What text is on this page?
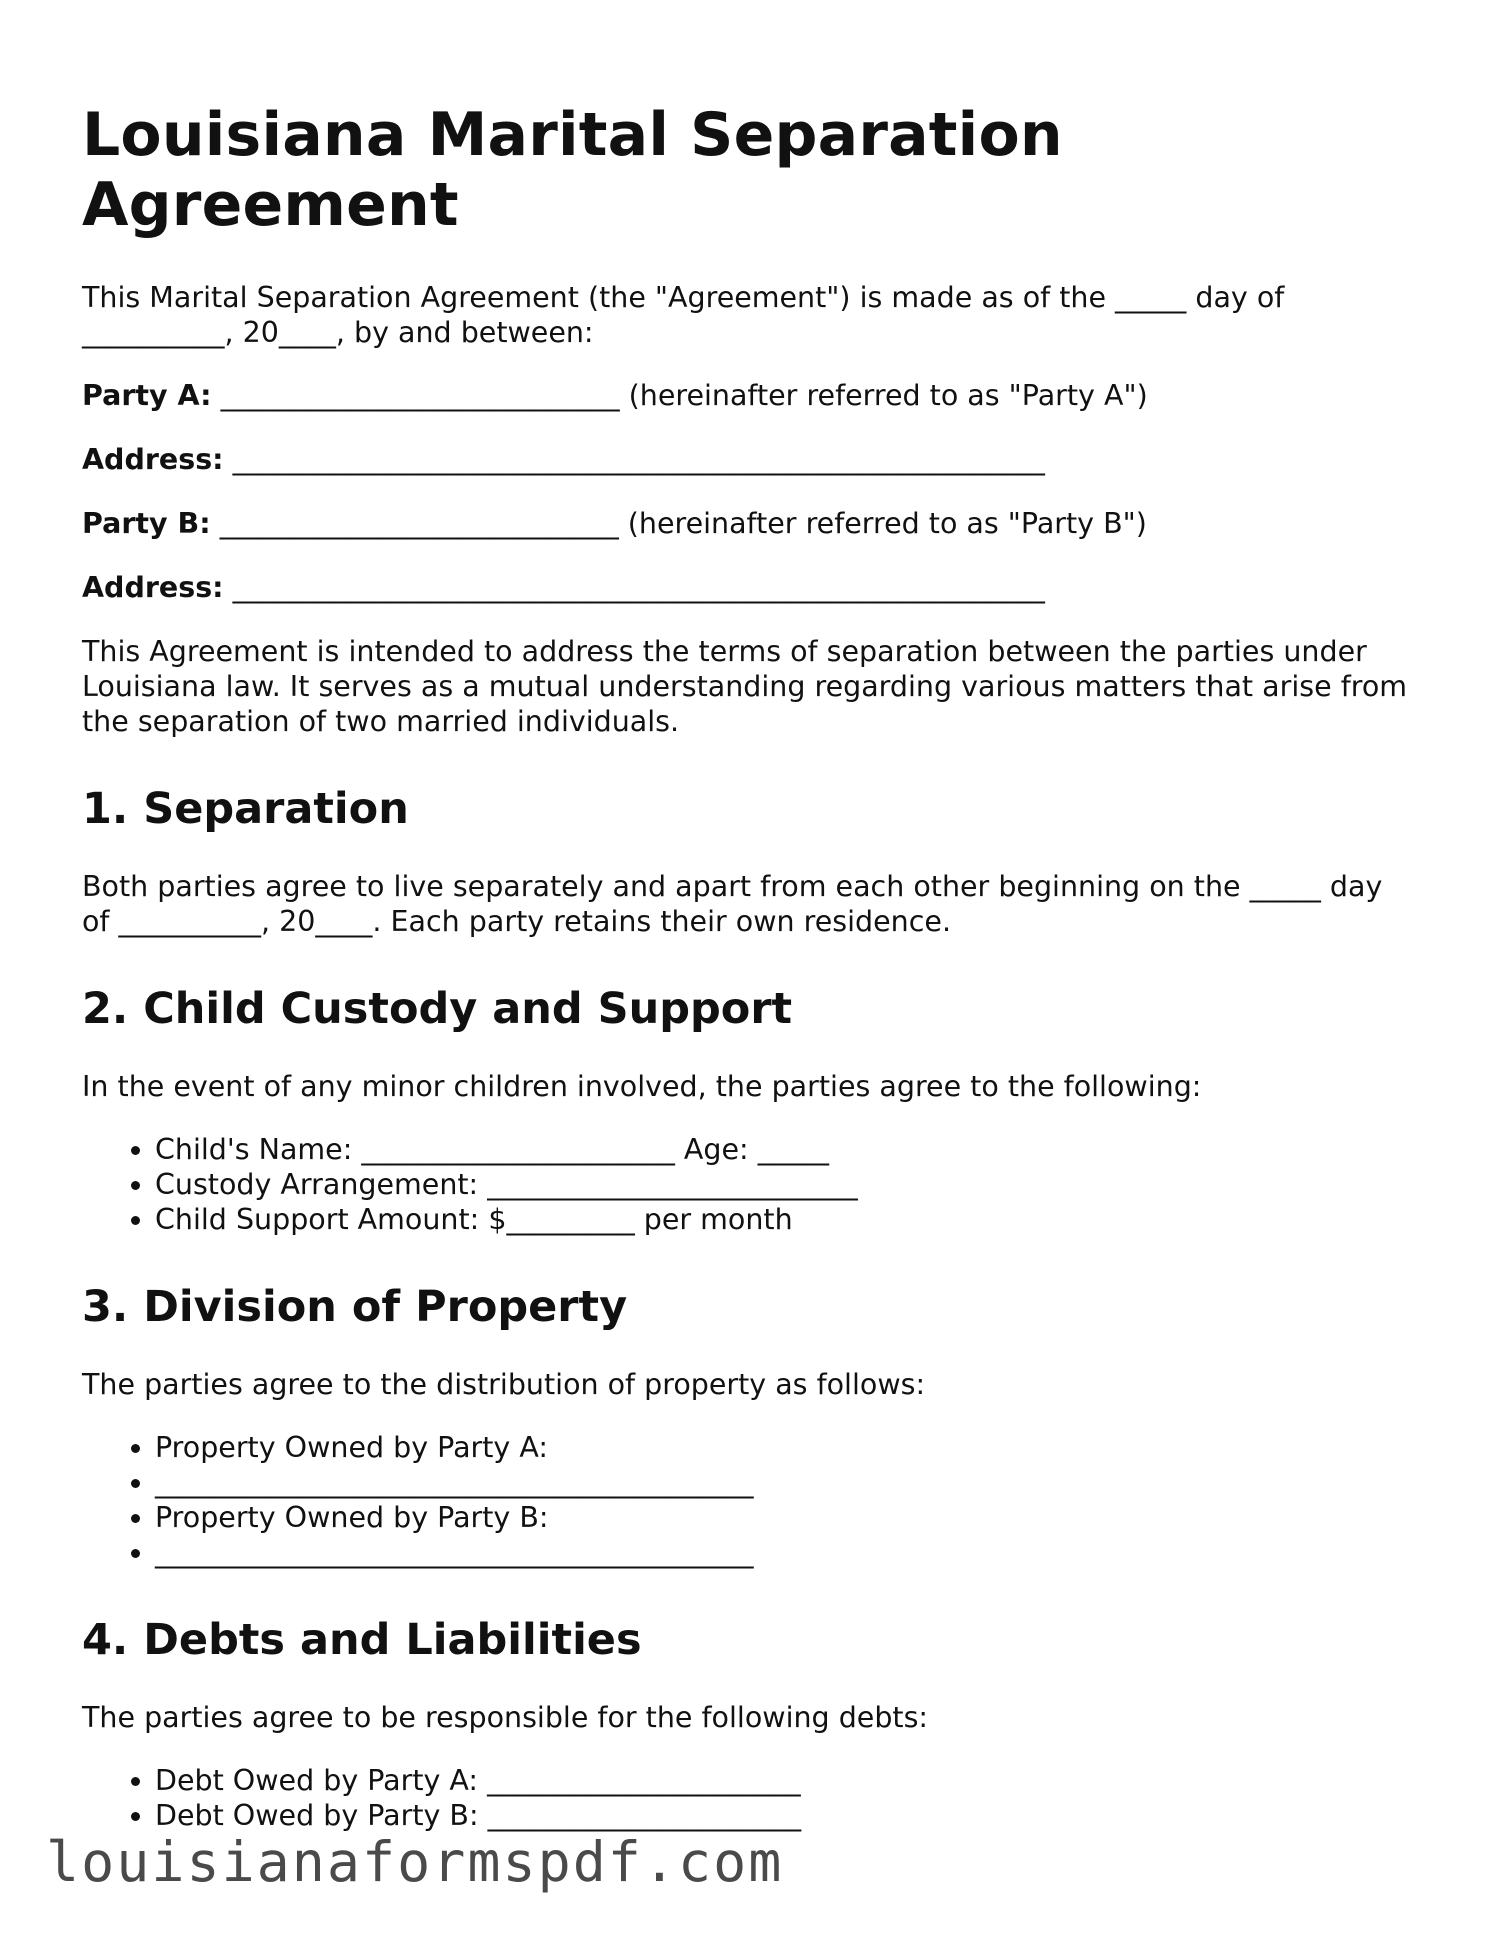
Louisiana Marital Separation Agreement

This Marital Separation Agreement (the "Agreement") is made as of the _____ day of __________, 20____, by and between:

Party A: ____________________________ (hereinafter referred to as "Party A")
Address: _________________________________________________________
Party B: ____________________________ (hereinafter referred to as "Party B")
Address: _________________________________________________________

This Agreement is intended to address the terms of separation between the parties under Louisiana law. It serves as a mutual understanding regarding various matters that arise from the separation of two married individuals.

1. Separation

Both parties agree to live separately and apart from each other beginning on the _____ day of __________, 20____. Each party retains their own residence.

2. Child Custody and Support

In the event of any minor children involved, the parties agree to the following:

• Child's Name: ______________________ Age: _____
• Custody Arrangement: __________________________
• Child Support Amount: $_________ per month
3. Division of Property

The parties agree to the distribution of property as follows:

• Property Owned by Party A:
• __________________________________________
• Property Owned by Party B:
• __________________________________________
4. Debts and Liabilities

The parties agree to be responsible for the following debts:

• Debt Owed by Party A: ______________________
• Debt Owed by Party B: ______________________
louisianaformspdf.com
